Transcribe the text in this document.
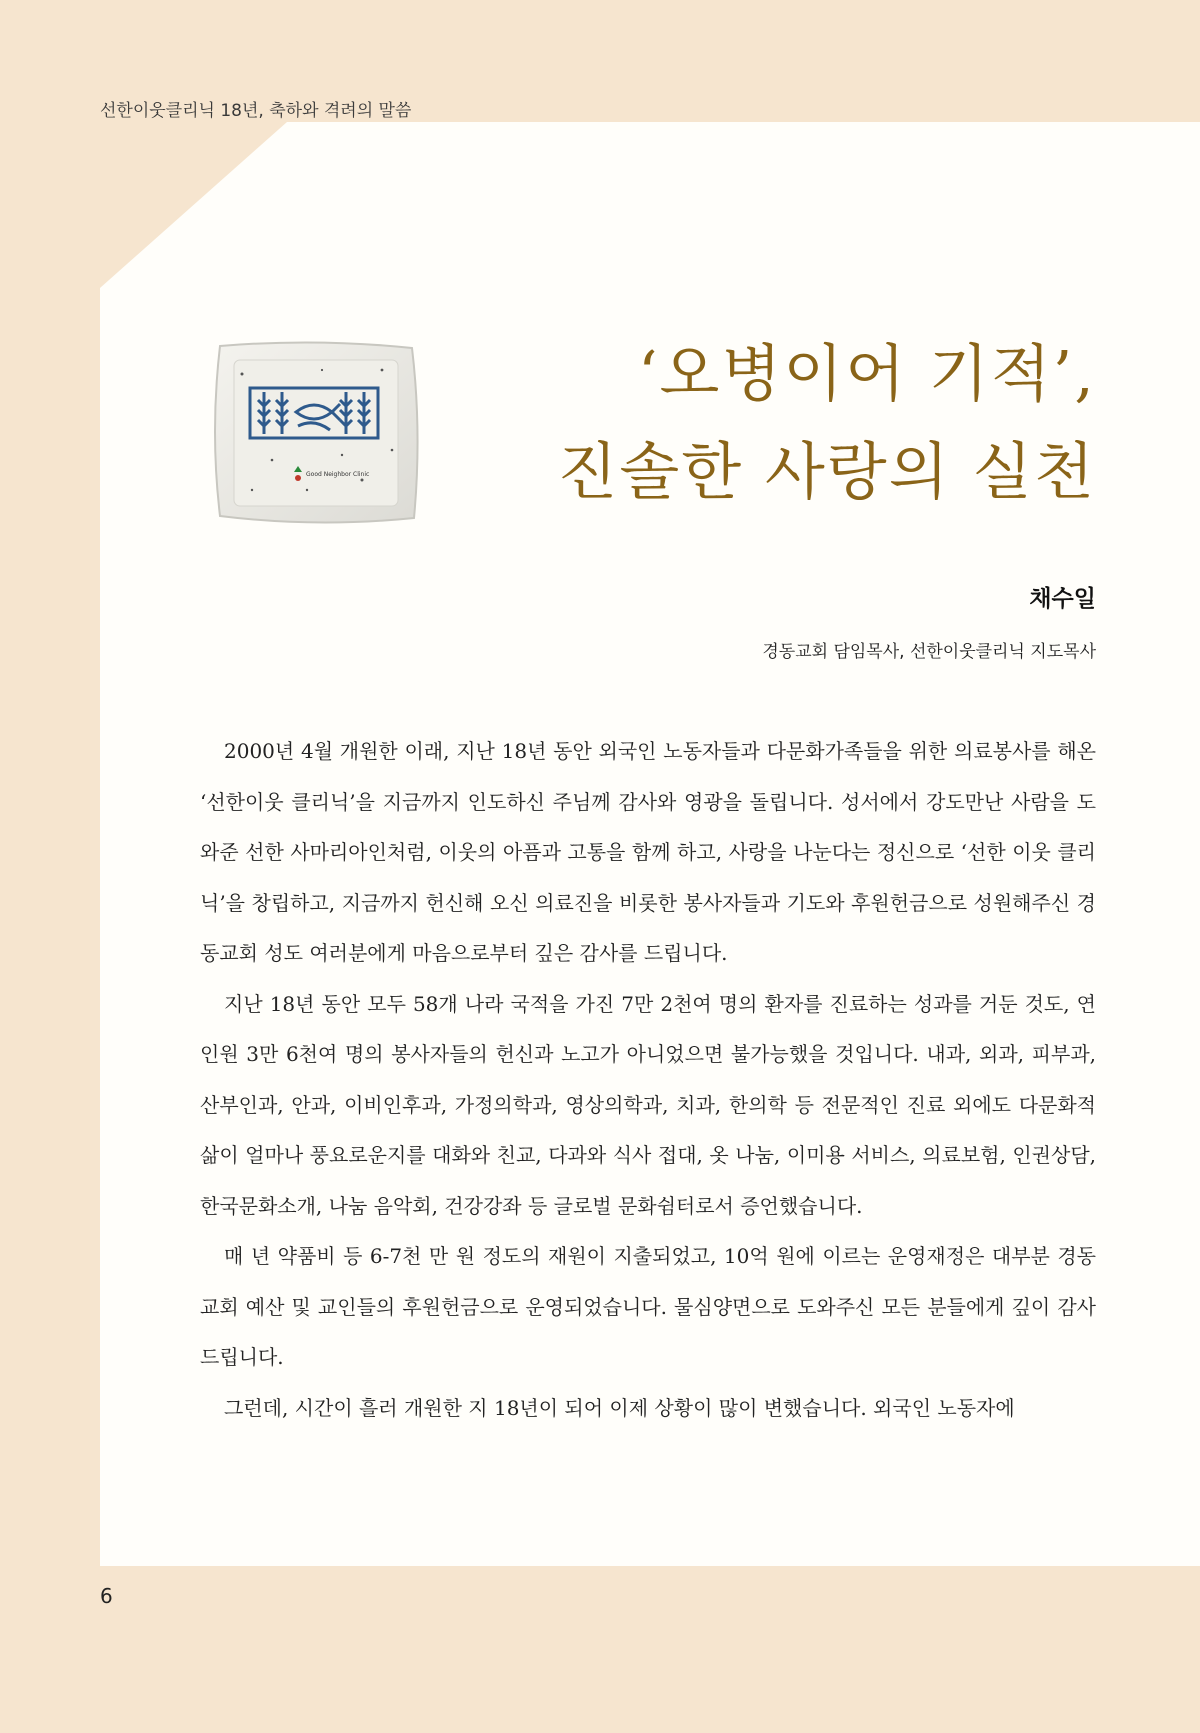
선한이웃클리닉 18년, 축하와 격려의 말씀
Good Neighbor Clinic
‘오병이어 기적’,
진솔한 사랑의 실천
채수일
경동교회 담임목사, 선한이웃클리닉 지도목사

2000년 4월 개원한 이래, 지난 18년 동안 외국인 노동자들과 다문화가족들을 위한 의료봉사를 해온 ‘선한이웃 클리닉’을 지금까지 인도하신 주님께 감사와 영광을 돌립니다. 성서에서 강도만난 사람을 도와준 선한 사마리아인처럼, 이웃의 아픔과 고통을 함께 하고, 사랑을 나눈다는 정신으로 ‘선한 이웃 클리닉’을 창립하고, 지금까지 헌신해 오신 의료진을 비롯한 봉사자들과 기도와 후원헌금으로 성원해주신 경동교회 성도 여러분에게 마음으로부터 깊은 감사를 드립니다.

지난 18년 동안 모두 58개 나라 국적을 가진 7만 2천여 명의 환자를 진료하는 성과를 거둔 것도, 연인원 3만 6천여 명의 봉사자들의 헌신과 노고가 아니었으면 불가능했을 것입니다. 내과, 외과, 피부과, 산부인과, 안과, 이비인후과, 가정의학과, 영상의학과, 치과, 한의학 등 전문적인 진료 외에도 다문화적 삶이 얼마나 풍요로운지를 대화와 친교, 다과와 식사 접대, 옷 나눔, 이미용 서비스, 의료보험, 인권상담, 한국문화소개, 나눔 음악회, 건강강좌 등 글로벌 문화쉼터로서 증언했습니다.

매 년 약품비 등 6-7천 만 원 정도의 재원이 지출되었고, 10억 원에 이르는 운영재정은 대부분 경동교회 예산 및 교인들의 후원헌금으로 운영되었습니다. 물심양면으로 도와주신 모든 분들에게 깊이 감사드립니다.

그런데, 시간이 흘러 개원한 지 18년이 되어 이제 상황이 많이 변했습니다. 외국인 노동자에

6
